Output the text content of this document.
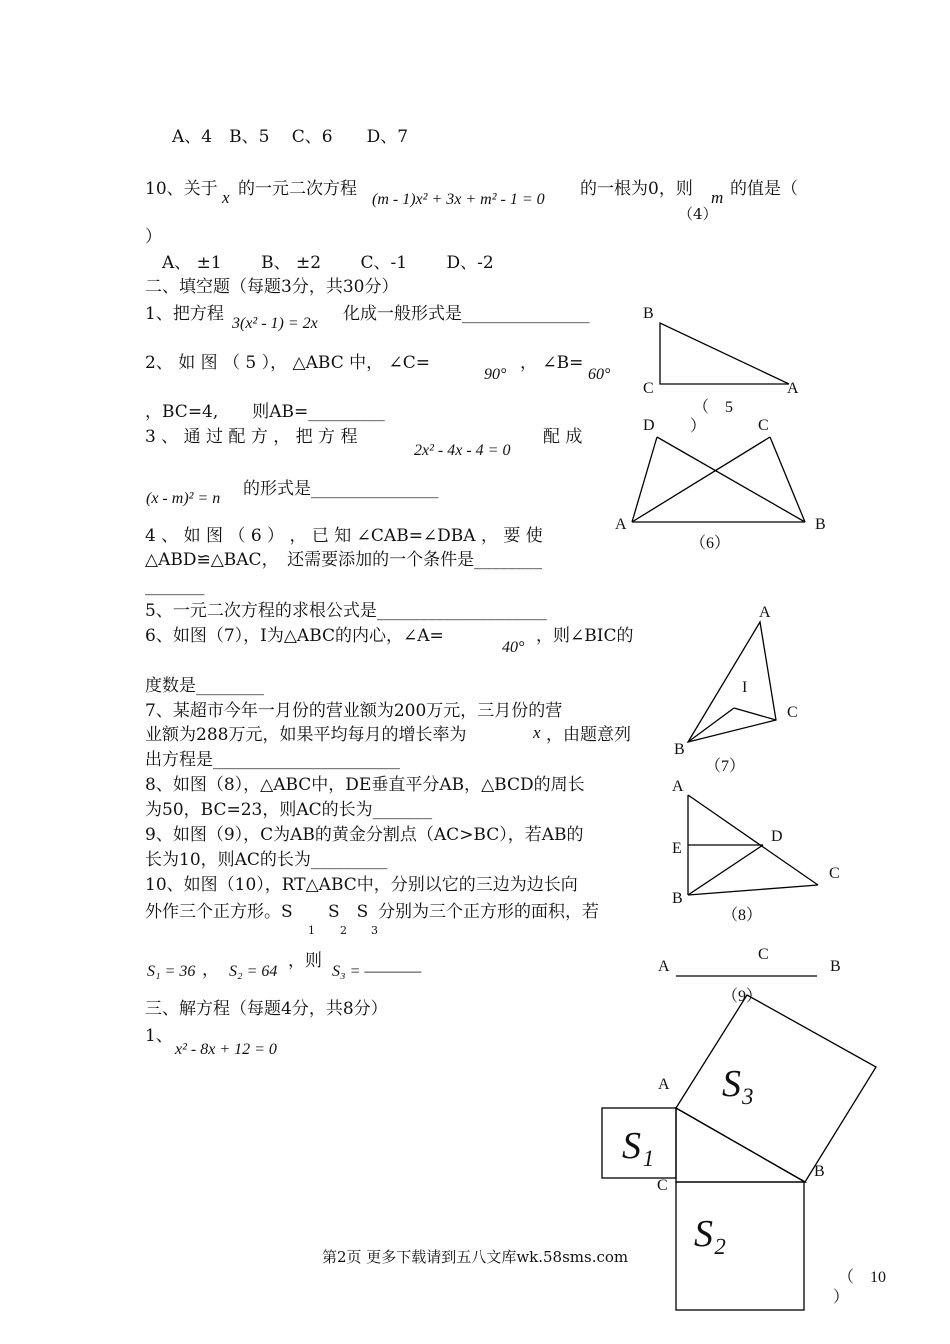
A、4　B、5　 C、6　　D、7
10、关于 x 的一元二次方程
(m - 1)x² + 3x + m² - 1 = 0
的一根为0，则 m 的值是（
（4）
）
A、 ±1　　 B、 ±2　　 C、-1　　 D、-2
二、填空题（每题3分，共30分）
1、把方程 3(x² - 1) = 2x 化成一般形式是_______________
2、 如 图 （ 5 ）， △ABC 中， ∠C=
90°
， ∠B=
60°
，BC=4,　　则AB=_________
3 、 通 过 配 方 ， 把 方 程
2x² - 4x - 4 = 0
配 成
(x - m)² = n 的形式是_______________
4 、 如 图 （ 6 ） ， 已 知 ∠CAB=∠DBA ， 要 使
△ABD≌△BAC，　还需要添加的一个条件是________
_______
5、一元二次方程的求根公式是____________________
6、如图（7），I为△ABC的内心，∠A=
40°
，则∠BIC的
度数是________
7、某超市今年一月份的营业额为200万元，三月份的营
业额为288万元，如果平均每月的增长率为	x ，由题意列
出方程是______________________
8、如图（8），△ABC中，DE垂直平分AB，△BCD的周长
为50，BC=23，则AC的长为_______
9、如图（9），C为AB的黄金分割点（AC>BC），若AB的
长为10，则AC的长为_________
10、如图（10），RT△ABC中，分别以它的三边为边长向
外作三个正方形。S S　S 分别为三个正方形的面积，若
1 2 3
S₁ = 36 ， S₂ = 64
，则
S₃ = ————
三、解方程（每题4分，共8分）
1、
x² - 8x + 12 = 0
第2页 更多下载请到五八文库wk.58sms.com
B
C	A
（　5
）
D	C
A	B
（6）
A
I
C
B
（7）
A
E
D
C
B
（8）
A
C
B
（9）
A
C
B
S₁
S₂
S₃
（　10
）
